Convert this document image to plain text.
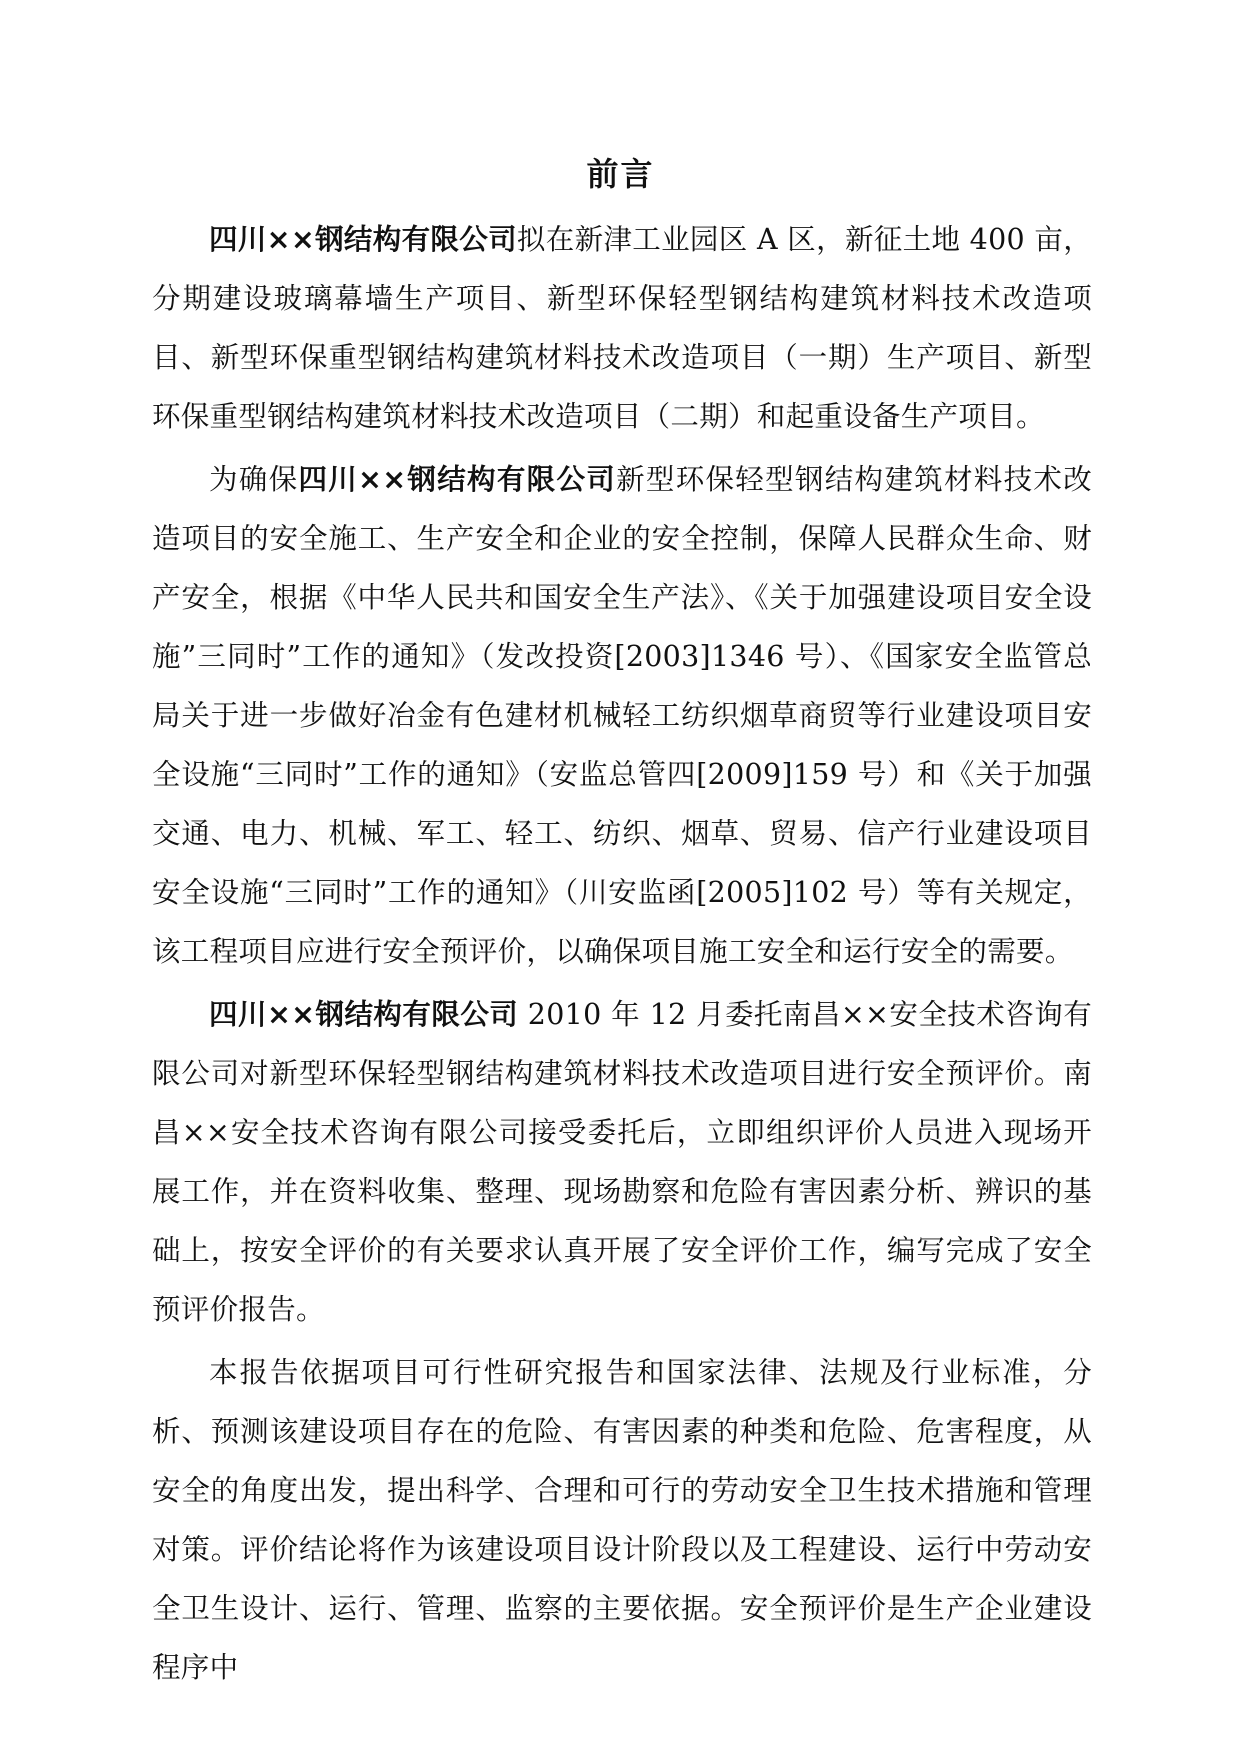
前言

四川××钢结构有限公司拟在新津工业园区 A 区，新征土地 400 亩，分期建设玻璃幕墙生产项目、新型环保轻型钢结构建筑材料技术改造项目、新型环保重型钢结构建筑材料技术改造项目（一期）生产项目、新型环保重型钢结构建筑材料技术改造项目（二期）和起重设备生产项目。

为确保四川××钢结构有限公司新型环保轻型钢结构建筑材料技术改造项目的安全施工、生产安全和企业的安全控制，保障人民群众生命、财产安全，根据《中华人民共和国安全生产法》、《关于加强建设项目安全设施”三同时”工作的通知》（发改投资[2003]1346 号）、《国家安全监管总局关于进一步做好冶金有色建材机械轻工纺织烟草商贸等行业建设项目安全设施“三同时”工作的通知》（安监总管四[2009]159 号）和《关于加强交通、电力、机械、军工、轻工、纺织、烟草、贸易、信产行业建设项目安全设施“三同时”工作的通知》（川安监函[2005]102 号）等有关规定，该工程项目应进行安全预评价，以确保项目施工安全和运行安全的需要。

四川××钢结构有限公司 2010 年 12 月委托南昌××安全技术咨询有限公司对新型环保轻型钢结构建筑材料技术改造项目进行安全预评价。南昌××安全技术咨询有限公司接受委托后，立即组织评价人员进入现场开展工作，并在资料收集、整理、现场勘察和危险有害因素分析、辨识的基础上，按安全评价的有关要求认真开展了安全评价工作，编写完成了安全预评价报告。

本报告依据项目可行性研究报告和国家法律、法规及行业标准，分析、预测该建设项目存在的危险、有害因素的种类和危险、危害程度，从安全的角度出发，提出科学、合理和可行的劳动安全卫生技术措施和管理对策。评价结论将作为该建设项目设计阶段以及工程建设、运行中劳动安全卫生设计、运行、管理、监察的主要依据。安全预评价是生产企业建设程序中
